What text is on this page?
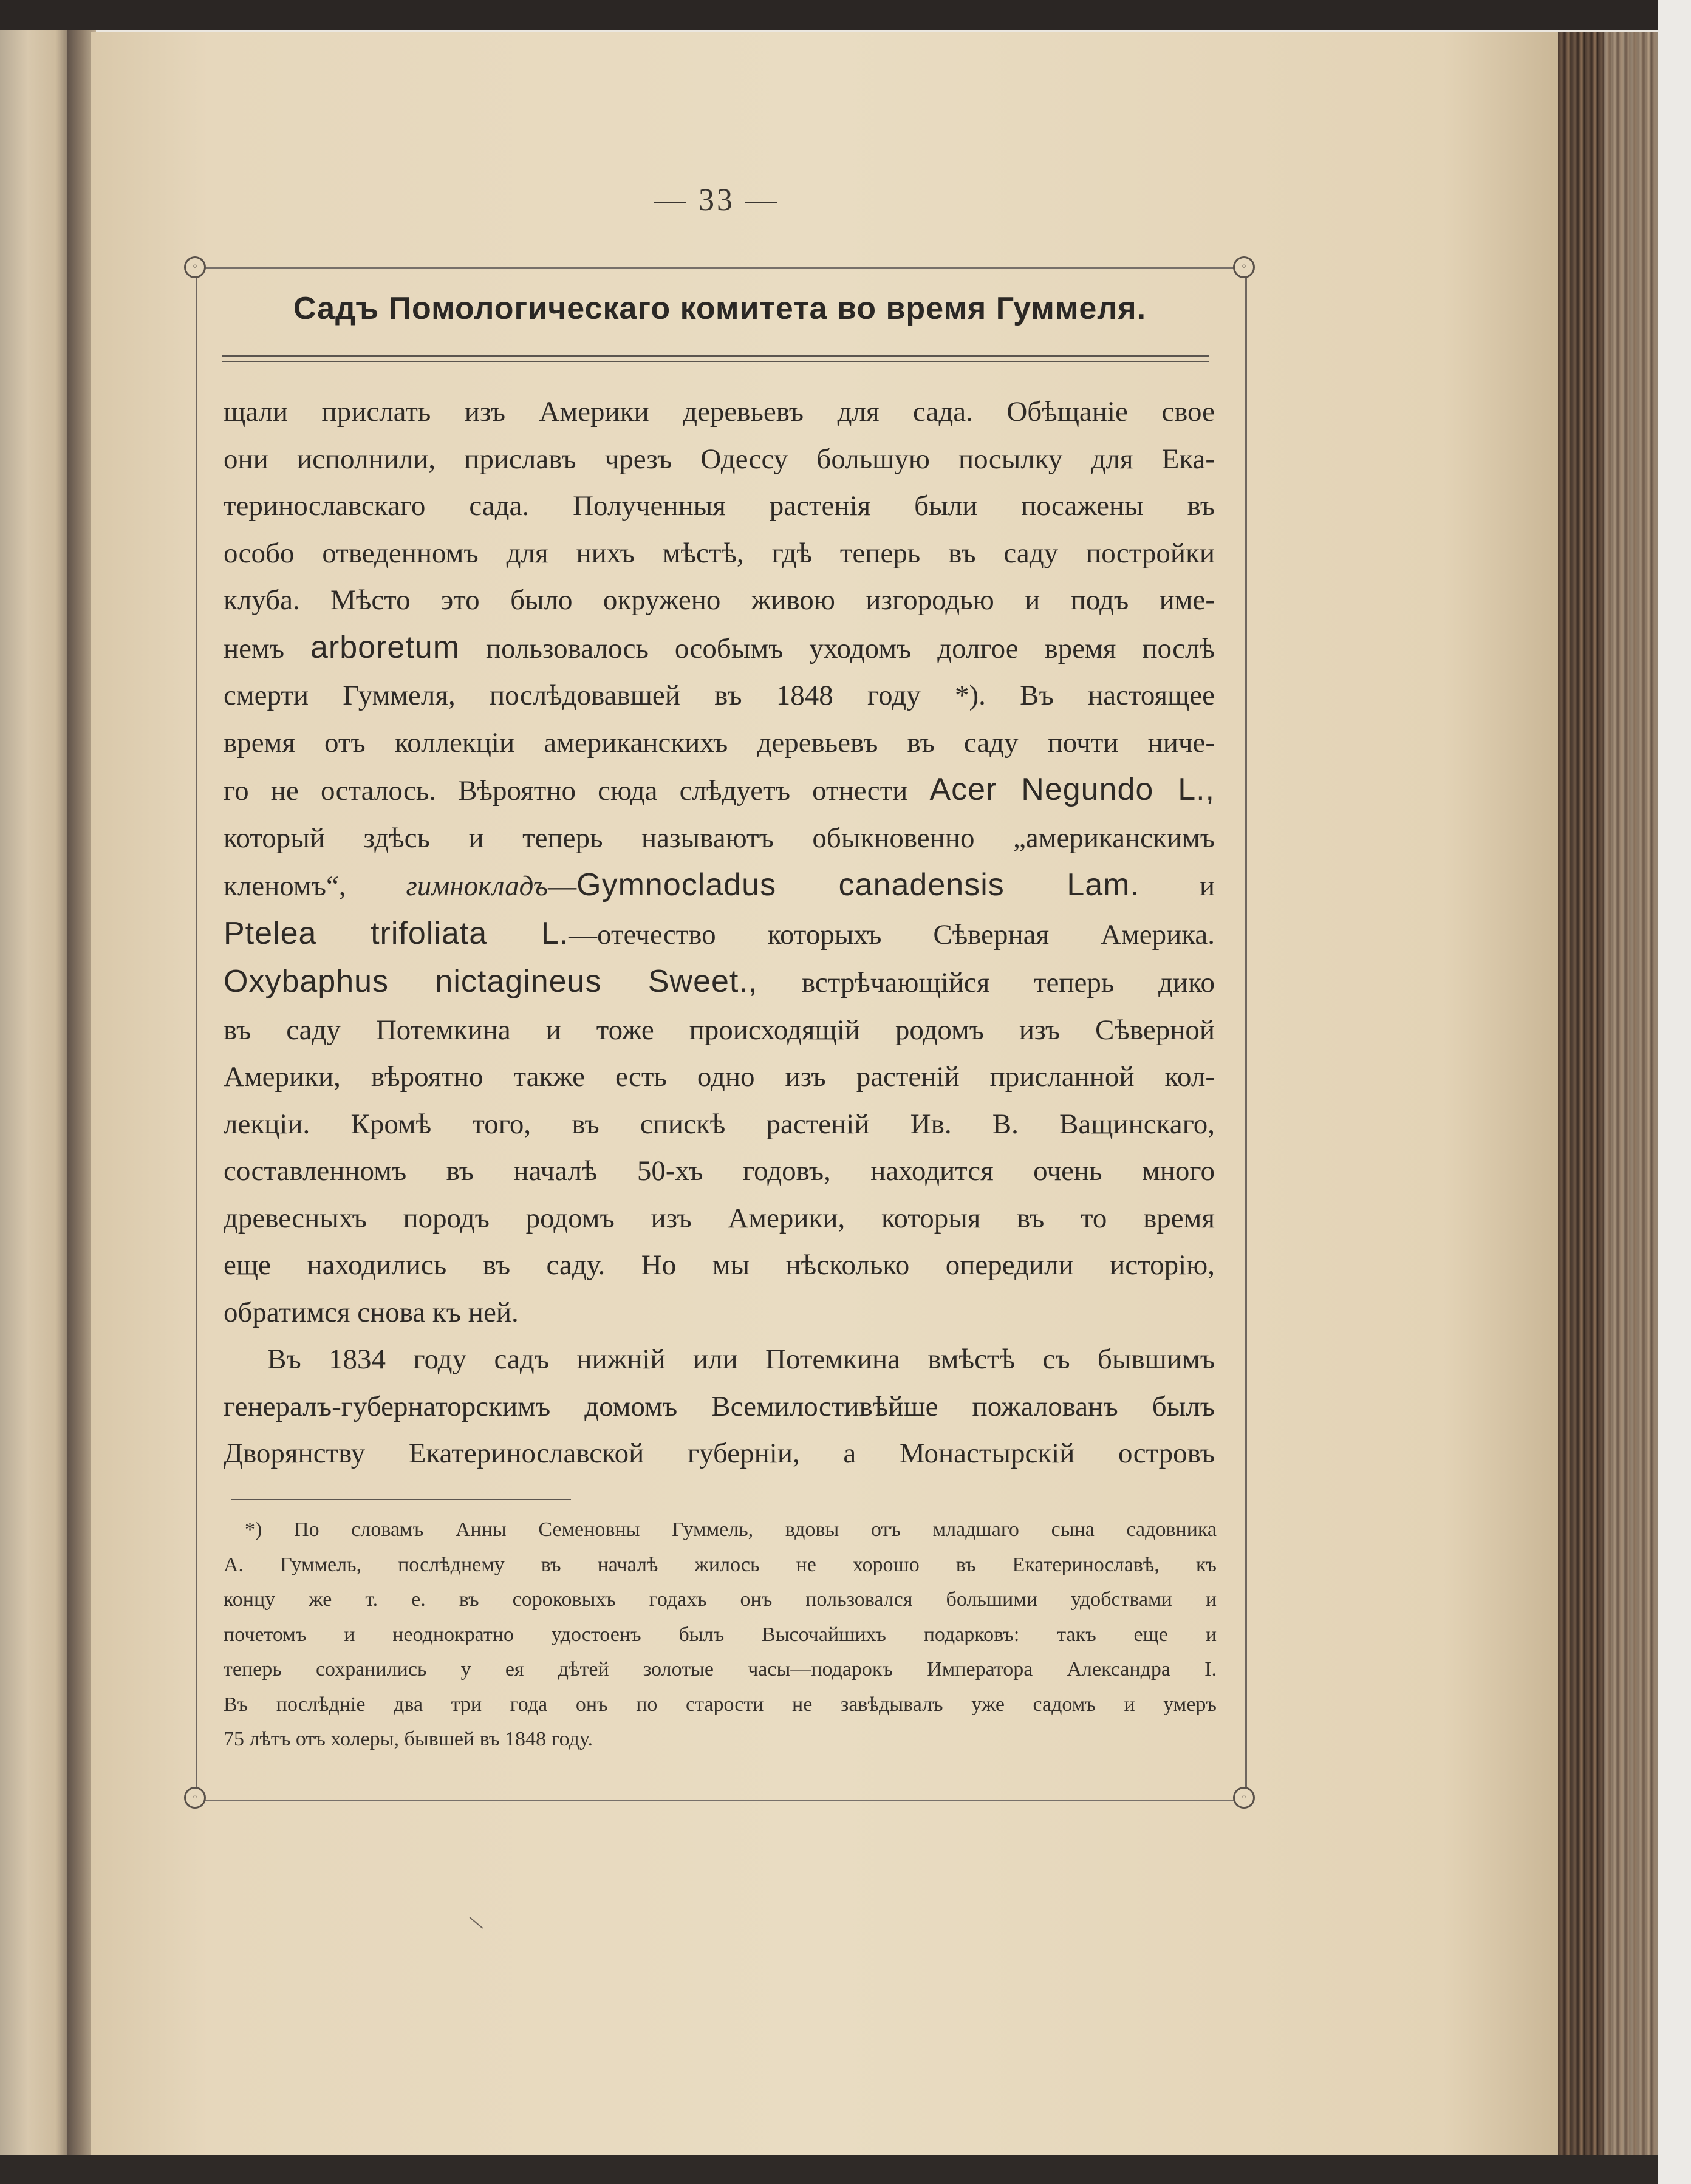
— 33 —
◦	◦
◦	◦
Садъ Помологическаго комитета во время Гуммеля.
щали прислать изъ Америки деревьевъ для сада. Обѣщаніе свое
они исполнили, приславъ чрезъ Одессу большую посылку для Ека-
теринославскаго сада. Полученныя растенія были посажены въ
особо отведенномъ для нихъ мѣстѣ, гдѣ теперь въ саду постройки
клуба. Мѣсто это было окружено живою изгородью и подъ име-
немъ arboretum пользовалось особымъ уходомъ долгое время послѣ
смерти Гуммеля, послѣдовавшей въ 1848 году *). Въ настоящее
время отъ коллекціи американскихъ деревьевъ въ саду почти ниче-
го не осталось. Вѣроятно сюда слѣдуетъ отнести Acer Negundo L.,
который здѣсь и теперь называютъ обыкновенно „американскимъ
кленомъ“, гимнокладъ—Gymnocladus canadensis Lam. и
Ptelea trifoliata L.—отечество которыхъ Сѣверная Америка.
Oxybaphus nictagineus Sweet., встрѣчающійся теперь дико
въ саду Потемкина и тоже происходящій родомъ изъ Сѣверной
Америки, вѣроятно также есть одно изъ растеній присланной кол-
лекціи. Кромѣ того, въ спискѣ растеній Ив. В. Ващинскаго,
составленномъ въ началѣ 50-хъ годовъ, находится очень много
древесныхъ породъ родомъ изъ Америки, которыя въ то время
еще находились въ саду. Но мы нѣсколько опередили исторію,
обратимся снова къ ней.
Въ 1834 году садъ нижній или Потемкина вмѣстѣ съ бывшимъ
генералъ-губернаторскимъ домомъ Всемилостивѣйше пожалованъ былъ
Дворянству Екатеринославской губерніи, а Монастырскій островъ
*) По словамъ Анны Семеновны Гуммель, вдовы отъ младшаго сына садовника
А. Гуммель, послѣднему въ началѣ жилось не хорошо въ Екатеринославѣ, къ
концу же т. е. въ сороковыхъ годахъ онъ пользовался большими удобствами и
почетомъ и неоднократно удостоенъ былъ Высочайшихъ подарковъ: такъ еще и
теперь сохранились у ея дѣтей золотые часы—подарокъ Императора Александра I.
Въ послѣдніе два три года онъ по старости не завѣдывалъ уже садомъ и умеръ
75 лѣтъ отъ холеры, бывшей въ 1848 году.
